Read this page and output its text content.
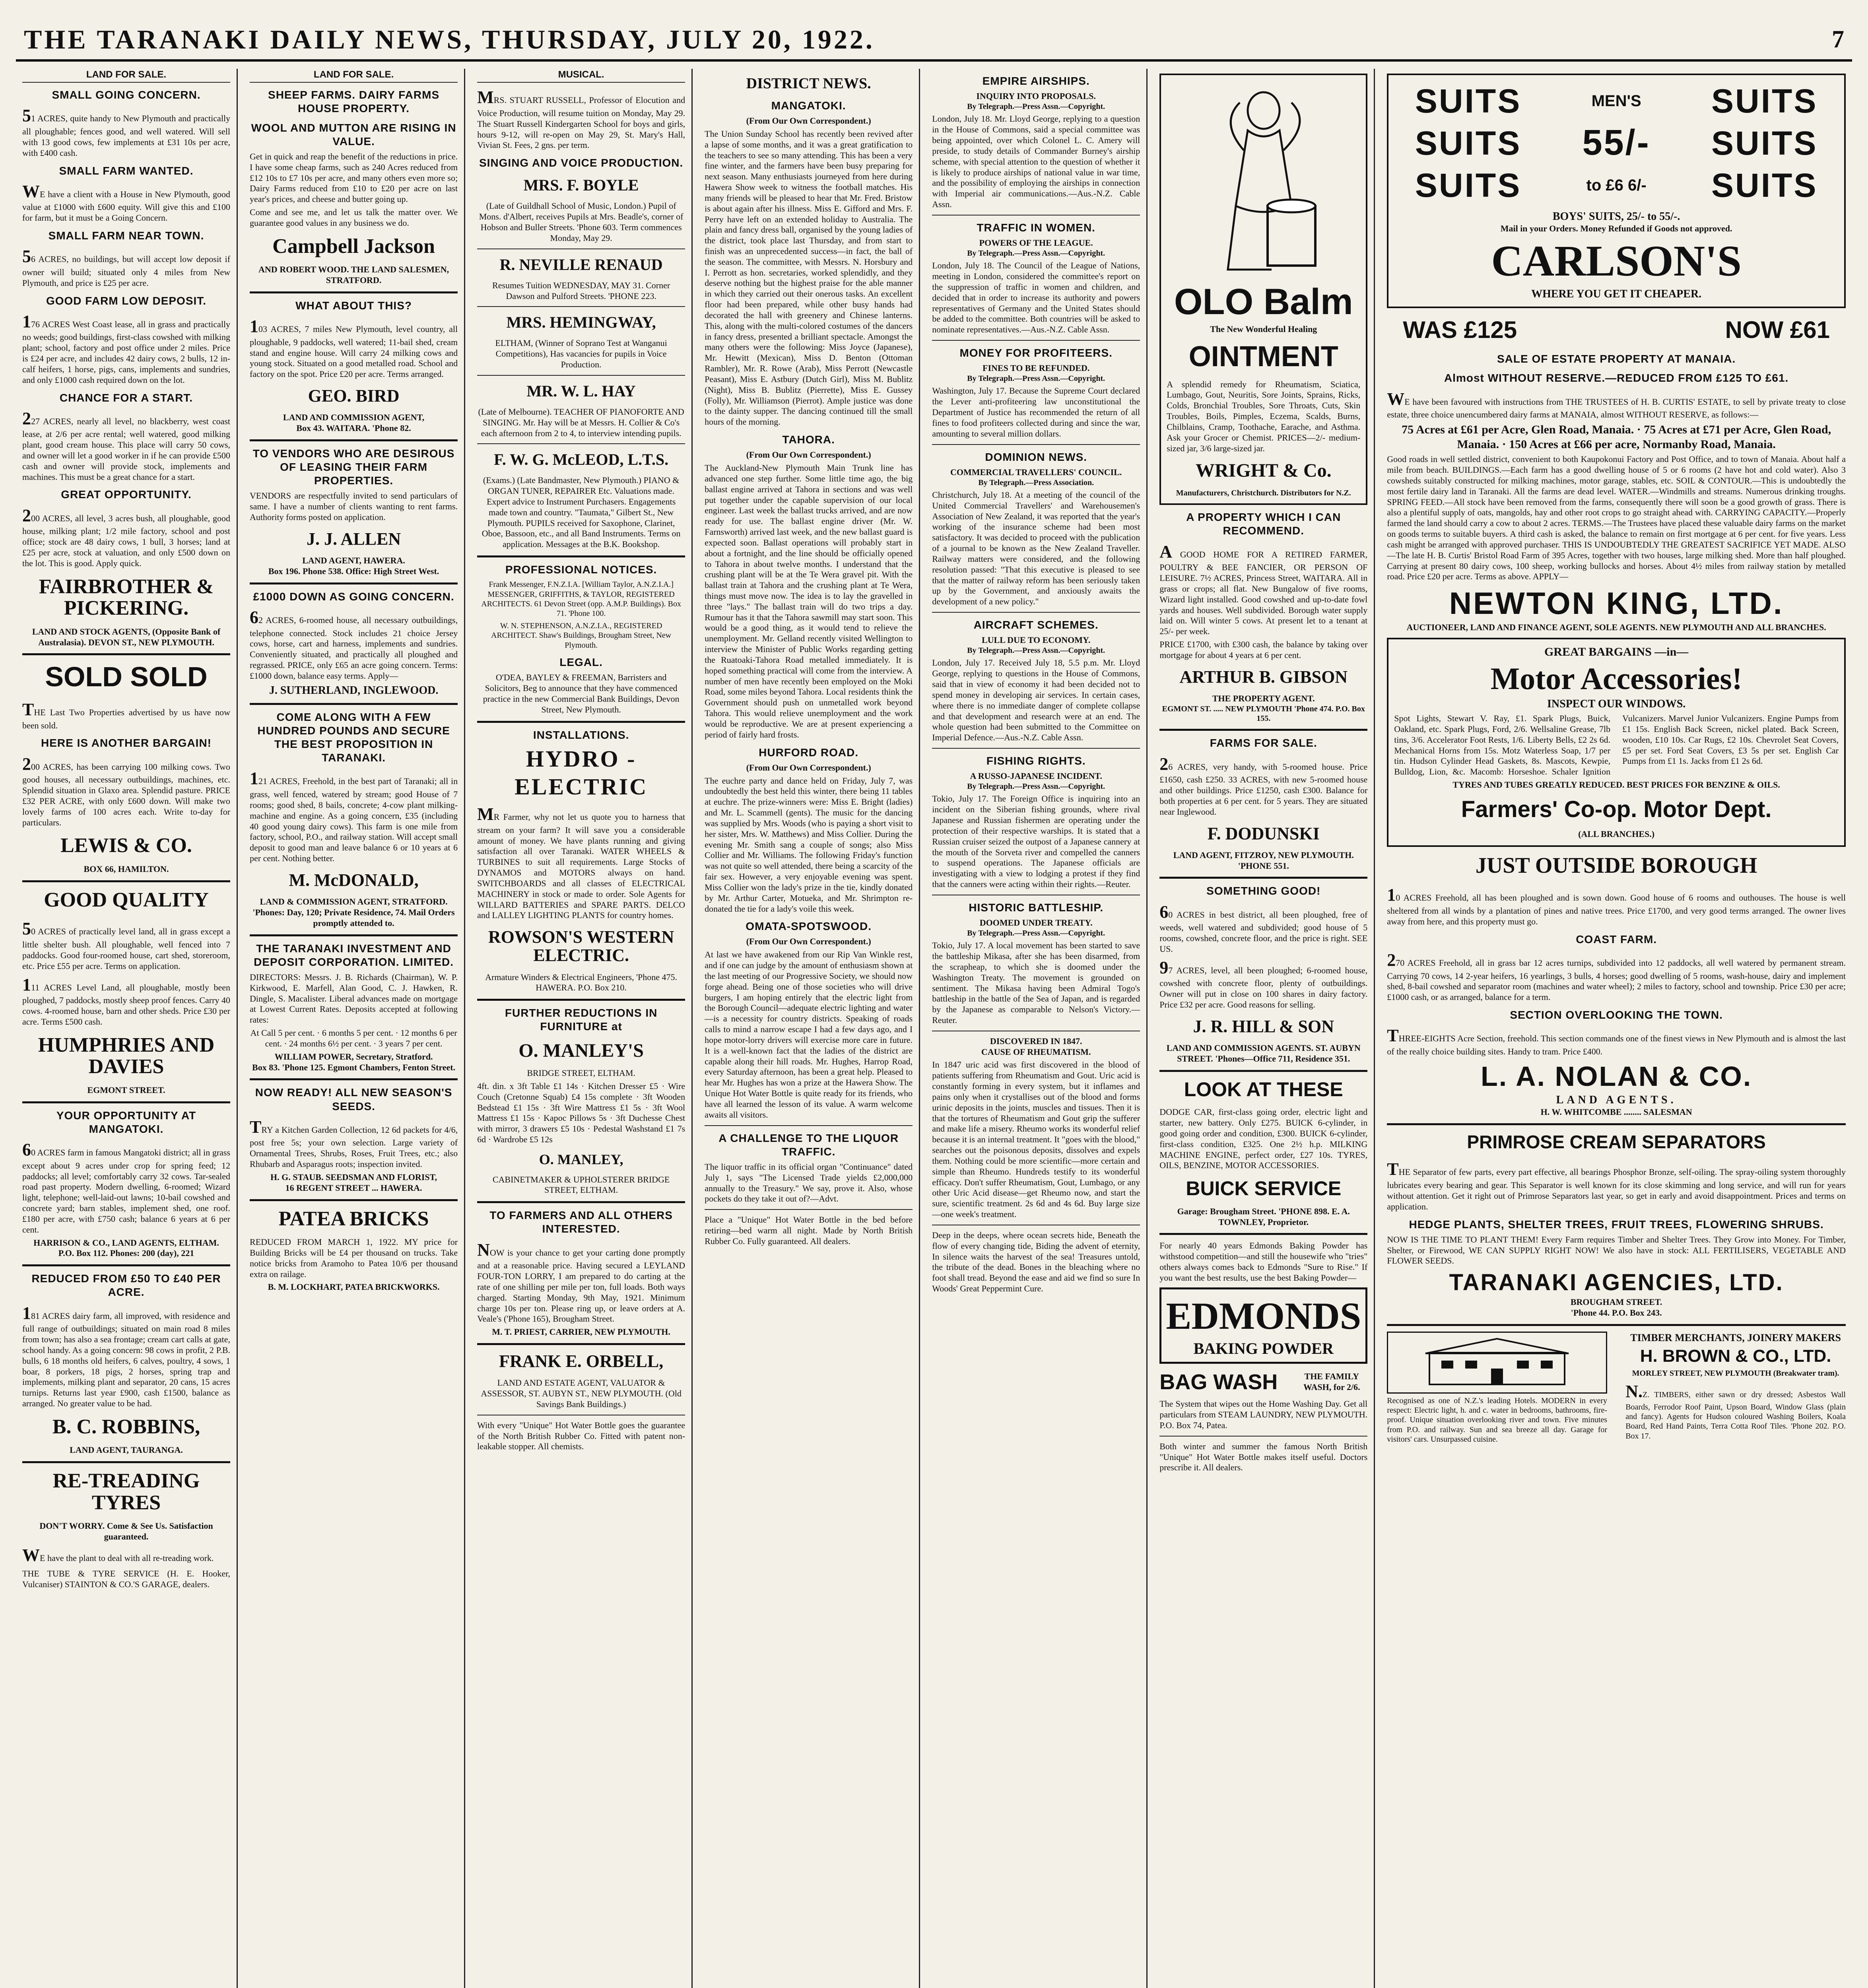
THE TARANAKI DAILY NEWS, THURSDAY, JULY 20, 1922.	7
LAND FOR SALE.
SMALL GOING CONCERN.

51 ACRES, quite handy to New Plymouth and practically all ploughable; fences good, and well watered. Will sell with 13 good cows, few implements at £31 10s per acre, with £400 cash.

SMALL FARM WANTED.

WE have a client with a House in New Plymouth, good value at £1000 with £600 equity. Will give this and £100 for farm, but it must be a Going Concern.

SMALL FARM NEAR TOWN.

56 ACRES, no buildings, but will accept low deposit if owner will build; situated only 4 miles from New Plymouth, and price is £25 per acre.

GOOD FARM LOW DEPOSIT.

176 ACRES West Coast lease, all in grass and practically no weeds; good buildings, first-class cowshed with milking plant; school, factory and post office under 2 miles. Price is £24 per acre, and includes 42 dairy cows, 2 bulls, 12 in-calf heifers, 1 horse, pigs, cans, implements and sundries, and only £1000 cash required down on the lot.

CHANCE FOR A START.

227 ACRES, nearly all level, no blackberry, west coast lease, at 2/6 per acre rental; well watered, good milking plant, good cream house. This place will carry 50 cows, and owner will let a good worker in if he can provide £500 cash and owner will provide stock, implements and machines. This must be a great chance for a start.

GREAT OPPORTUNITY.

200 ACRES, all level, 3 acres bush, all ploughable, good house, milking plant; 1/2 mile factory, school and post office; stock are 48 dairy cows, 1 bull, 3 horses; land at £25 per acre, stock at valuation, and only £500 down on the lot. This is good. Apply quick.

FAIRBROTHER & PICKERING.
LAND AND STOCK AGENTS, (Opposite Bank of Australasia). DEVON ST., NEW PLYMOUTH.
SOLD SOLD

THE Last Two Properties advertised by us have now been sold.

HERE IS ANOTHER BARGAIN!

200 ACRES, has been carrying 100 milking cows. Two good houses, all necessary outbuildings, machines, etc. Splendid situation in Glaxo area. Splendid pasture. PRICE £32 PER ACRE, with only £600 down. Will make two lovely farms of 100 acres each. Write to-day for particulars.

LEWIS & CO.
BOX 66, HAMILTON.
GOOD QUALITY

50 ACRES of practically level land, all in grass except a little shelter bush. All ploughable, well fenced into 7 paddocks. Good four-roomed house, cart shed, storeroom, etc. Price £55 per acre. Terms on application.

111 ACRES Level Land, all ploughable, mostly been ploughed, 7 paddocks, mostly sheep proof fences. Carry 40 cows. 4-roomed house, barn and other sheds. Price £30 per acre. Terms £500 cash.

HUMPHRIES AND DAVIES
EGMONT STREET.
YOUR OPPORTUNITY AT MANGATOKI.

60 ACRES farm in famous Mangatoki district; all in grass except about 9 acres under crop for spring feed; 12 paddocks; all level; comfortably carry 32 cows. Tar-sealed road past property. Modern dwelling, 6-roomed; Wizard light, telephone; well-laid-out lawns; 10-bail cowshed and concrete yard; barn stables, implement shed, one roof. £180 per acre, with £750 cash; balance 6 years at 6 per cent.

HARRISON & CO., LAND AGENTS, ELTHAM.
P.O. Box 112. Phones: 200 (day), 221
REDUCED FROM £50 TO £40 PER ACRE.

181 ACRES dairy farm, all improved, with residence and full range of outbuildings; situated on main road 8 miles from town; has also a sea frontage; cream cart calls at gate, school handy. As a going concern: 98 cows in profit, 2 P.B. bulls, 6 18 months old heifers, 6 calves, poultry, 4 sows, 1 boar, 8 porkers, 18 pigs, 2 horses, spring trap and implements, milking plant and separator, 20 cans, 15 acres turnips. Returns last year £900, cash £1500, balance as arranged. No greater value to be had.

B. C. ROBBINS,
LAND AGENT, TAURANGA.
RE-TREADING TYRES
DON'T WORRY. Come & See Us. Satisfaction guaranteed.

WE have the plant to deal with all re-treading work.

THE TUBE & TYRE SERVICE (H. E. Hooker, Vulcaniser) STAINTON & CO.'S GARAGE, dealers.

LAND FOR SALE.
SHEEP FARMS. DAIRY FARMS HOUSE PROPERTY.
WOOL AND MUTTON ARE RISING IN VALUE.

Get in quick and reap the benefit of the reductions in price. I have some cheap farms, such as 240 Acres reduced from £12 10s to £7 10s per acre, and many others even more so; Dairy Farms reduced from £10 to £20 per acre on last year's prices, and cheese and butter going up.

Come and see me, and let us talk the matter over. We guarantee good values in any business we do.

Campbell Jackson
AND ROBERT WOOD. THE LAND SALESMEN, STRATFORD.
WHAT ABOUT THIS?

103 ACRES, 7 miles New Plymouth, level country, all ploughable, 9 paddocks, well watered; 11-bail shed, cream stand and engine house. Will carry 24 milking cows and young stock. Situated on a good metalled road. School and factory on the spot. Price £20 per acre. Terms arranged.

GEO. BIRD
LAND AND COMMISSION AGENT,
Box 43. WAITARA. 'Phone 82.
TO VENDORS WHO ARE DESIROUS OF LEASING THEIR FARM PROPERTIES.

VENDORS are respectfully invited to send particulars of same. I have a number of clients wanting to rent farms. Authority forms posted on application.

J. J. ALLEN
LAND AGENT, HAWERA.
Box 196. Phone 538. Office: High Street West.
£1000 DOWN AS GOING CONCERN.

62 ACRES, 6-roomed house, all necessary outbuildings, telephone connected. Stock includes 21 choice Jersey cows, horse, cart and harness, implements and sundries. Conveniently situated, and practically all ploughed and regrassed. PRICE, only £65 an acre going concern. Terms: £1000 down, balance easy terms. Apply—

J. SUTHERLAND, INGLEWOOD.
COME ALONG WITH A FEW HUNDRED POUNDS AND SECURE THE BEST PROPOSITION IN TARANAKI.

121 ACRES, Freehold, in the best part of Taranaki; all in grass, well fenced, watered by stream; good House of 7 rooms; good shed, 8 bails, concrete; 4-cow plant milking-machine and engine. As a going concern, £35 (including 40 good young dairy cows). This farm is one mile from factory, school, P.O., and railway station. Will accept small deposit to good man and leave balance 6 or 10 years at 6 per cent. Nothing better.

M. McDONALD,
LAND & COMMISSION AGENT, STRATFORD. 'Phones: Day, 120; Private Residence, 74. Mail Orders promptly attended to.
THE TARANAKI INVESTMENT AND DEPOSIT CORPORATION. LIMITED.

DIRECTORS: Messrs. J. B. Richards (Chairman), W. P. Kirkwood, E. Marfell, Alan Good, C. J. Hawken, R. Dingle, S. Macalister. Liberal advances made on mortgage at Lowest Current Rates. Deposits accepted at following rates:

At Call 5 per cent. · 6 months 5 per cent. · 12 months 6 per cent. · 24 months 6½ per cent. · 3 years 7 per cent.

WILLIAM POWER, Secretary, Stratford.
Box 83. 'Phone 125. Egmont Chambers, Fenton Street.
NOW READY! ALL NEW SEASON'S SEEDS.

TRY a Kitchen Garden Collection, 12 6d packets for 4/6, post free 5s; your own selection. Large variety of Ornamental Trees, Shrubs, Roses, Fruit Trees, etc.; also Rhubarb and Asparagus roots; inspection invited.

H. G. STAUB. SEEDSMAN AND FLORIST,
16 REGENT STREET ... HAWERA.
PATEA BRICKS

REDUCED FROM MARCH 1, 1922. MY price for Building Bricks will be £4 per thousand on trucks. Take notice bricks from Aramoho to Patea 10/6 per thousand extra on railage.

B. M. LOCKHART, PATEA BRICKWORKS.
MUSICAL.

MRS. STUART RUSSELL, Professor of Elocution and Voice Production, will resume tuition on Monday, May 29. The Stuart Russell Kindergarten School for boys and girls, hours 9-12, will re-open on May 29, St. Mary's Hall, Vivian St. Fees, 2 gns. per term.

SINGING AND VOICE PRODUCTION.
MRS. F. BOYLE

(Late of Guildhall School of Music, London.) Pupil of Mons. d'Albert, receives Pupils at Mrs. Beadle's, corner of Hobson and Buller Streets. 'Phone 603. Term commences Monday, May 29.

R. NEVILLE RENAUD

Resumes Tuition WEDNESDAY, MAY 31. Corner Dawson and Pulford Streets. 'PHONE 223.

MRS. HEMINGWAY,

ELTHAM, (Winner of Soprano Test at Wanganui Competitions), Has vacancies for pupils in Voice Production.

MR. W. L. HAY

(Late of Melbourne). TEACHER OF PIANOFORTE AND SINGING. Mr. Hay will be at Messrs. H. Collier & Co's each afternoon from 2 to 4, to interview intending pupils.

F. W. G. McLEOD, L.T.S.

(Exams.) (Late Bandmaster, New Plymouth.) PIANO & ORGAN TUNER, REPAIRER Etc. Valuations made. Expert advice to Instrument Purchasers. Engagements made town and country. "Taumata," Gilbert St., New Plymouth. PUPILS received for Saxophone, Clarinet, Oboe, Bassoon, etc., and all Band Instruments. Terms on application. Messages at the B.K. Bookshop.

PROFESSIONAL NOTICES.

Frank Messenger, F.N.Z.I.A. [William Taylor, A.N.Z.I.A.] MESSENGER, GRIFFITHS, & TAYLOR, REGISTERED ARCHITECTS. 61 Devon Street (opp. A.M.P. Buildings). Box 71. 'Phone 100.

W. N. STEPHENSON, A.N.Z.I.A., REGISTERED ARCHITECT. Shaw's Buildings, Brougham Street, New Plymouth.

LEGAL.

O'DEA, BAYLEY & FREEMAN, Barristers and Solicitors, Beg to announce that they have commenced practice in the new Commercial Bank Buildings, Devon Street, New Plymouth.

INSTALLATIONS.
HYDRO - ELECTRIC

MR Farmer, why not let us quote you to harness that stream on your farm? It will save you a considerable amount of money. We have plants running and giving satisfaction all over Taranaki. WATER WHEELS & TURBINES to suit all requirements. Large Stocks of DYNAMOS and MOTORS always on hand. SWITCHBOARDS and all classes of ELECTRICAL MACHINERY in stock or made to order. Sole Agents for WILLARD BATTERIES and SPARE PARTS. DELCO and LALLEY LIGHTING PLANTS for country homes.

ROWSON'S WESTERN ELECTRIC.

Armature Winders & Electrical Engineers, 'Phone 475. HAWERA. P.O. Box 210.

FURTHER REDUCTIONS IN FURNITURE at
O. MANLEY'S

BRIDGE STREET, ELTHAM.

4ft. din. x 3ft Table £1 14s · Kitchen Dresser £5 · Wire Couch (Cretonne Squab) £4 15s complete · 3ft Wooden Bedstead £1 15s · 3ft Wire Mattress £1 5s · 3ft Wool Mattress £1 15s · Kapoc Pillows 5s · 3ft Duchesse Chest with mirror, 3 drawers £5 10s · Pedestal Washstand £1 7s 6d · Wardrobe £5 12s

O. MANLEY,

CABINETMAKER & UPHOLSTERER BRIDGE STREET, ELTHAM.

TO FARMERS AND ALL OTHERS INTERESTED.

NOW is your chance to get your carting done promptly and at a reasonable price. Having secured a LEYLAND FOUR-TON LORRY, I am prepared to do carting at the rate of one shilling per mile per ton, full loads. Both ways charged. Starting Monday, 9th May, 1921. Minimum charge 10s per ton. Please ring up, or leave orders at A. Veale's ('Phone 165), Brougham Street.

M. T. PRIEST, CARRIER, NEW PLYMOUTH.
FRANK E. ORBELL,

LAND AND ESTATE AGENT, VALUATOR & ASSESSOR, ST. AUBYN ST., NEW PLYMOUTH. (Old Savings Bank Buildings.)

With every "Unique" Hot Water Bottle goes the guarantee of the North British Rubber Co. Fitted with patent non-leakable stopper. All chemists.

DISTRICT NEWS.
MANGATOKI.
(From Our Own Correspondent.)

The Union Sunday School has recently been revived after a lapse of some months, and it was a great gratification to the teachers to see so many attending. This has been a very fine winter, and the farmers have been busy preparing for next season. Many enthusiasts journeyed from here during Hawera Show week to witness the football matches. His many friends will be pleased to hear that Mr. Fred. Bristow is about again after his illness. Miss E. Gifford and Mrs. F. Perry have left on an extended holiday to Australia. The plain and fancy dress ball, organised by the young ladies of the district, took place last Thursday, and from start to finish was an unprecedented success—in fact, the ball of the season. The committee, with Messrs. N. Horsbury and I. Perrott as hon. secretaries, worked splendidly, and they deserve nothing but the highest praise for the able manner in which they carried out their onerous tasks. An excellent floor had been prepared, while other busy hands had decorated the hall with greenery and Chinese lanterns. This, along with the multi-colored costumes of the dancers in fancy dress, presented a brilliant spectacle. Amongst the many others were the following: Miss Joyce (Japanese), Mr. Hewitt (Mexican), Miss D. Benton (Ottoman Rambler), Mr. R. Rowe (Arab), Miss Perrott (Newcastle Peasant), Miss E. Astbury (Dutch Girl), Miss M. Bublitz (Night), Miss B. Bublitz (Pierrette), Miss E. Gussey (Folly), Mr. Williamson (Pierrot). Ample justice was done to the dainty supper. The dancing continued till the small hours of the morning.

TAHORA.
(From Our Own Correspondent.)

The Auckland-New Plymouth Main Trunk line has advanced one step further. Some little time ago, the big ballast engine arrived at Tahora in sections and was well put together under the capable supervision of our local engineer. Last week the ballast trucks arrived, and are now ready for use. The ballast engine driver (Mr. W. Farnsworth) arrived last week, and the new ballast guard is expected soon. Ballast operations will probably start in about a fortnight, and the line should be officially opened to Tahora in about twelve months. I understand that the crushing plant will be at the Te Wera gravel pit. With the ballast train at Tahora and the crushing plant at Te Wera, things must move now. The idea is to lay the gravelled in three "lays." The ballast train will do two trips a day. Rumour has it that the Tahora sawmill may start soon. This would be a good thing, as it would tend to relieve the unemployment. Mr. Gelland recently visited Wellington to interview the Minister of Public Works regarding getting the Ruatoaki-Tahora Road metalled immediately. It is hoped something practical will come from the interview. A number of men have recently been employed on the Moki Road, some miles beyond Tahora. Local residents think the Government should push on unmetalled work beyond Tahora. This would relieve unemployment and the work would be reproductive. We are at present experiencing a period of fairly hard frosts.

HURFORD ROAD.
(From Our Own Correspondent.)

The euchre party and dance held on Friday, July 7, was undoubtedly the best held this winter, there being 11 tables at euchre. The prize-winners were: Miss E. Bright (ladies) and Mr. L. Scammell (gents). The music for the dancing was supplied by Mrs. Woods (who is paying a short visit to her sister, Mrs. W. Matthews) and Miss Collier. During the evening Mr. Smith sang a couple of songs; also Miss Collier and Mr. Williams. The following Friday's function was not quite so well attended, there being a scarcity of the fair sex. However, a very enjoyable evening was spent. Miss Collier won the lady's prize in the tie, kindly donated by Mr. Arthur Carter, Motueka, and Mr. Shrimpton re-donated the tie for a lady's voile this week.

OMATA-SPOTSWOOD.
(From Our Own Correspondent.)

At last we have awakened from our Rip Van Winkle rest, and if one can judge by the amount of enthusiasm shown at the last meeting of our Progressive Society, we should now forge ahead. Being one of those societies who will drive burgers, I am hoping entirely that the electric light from the Borough Council—adequate electric lighting and water—is a necessity for country districts. Speaking of roads calls to mind a narrow escape I had a few days ago, and I hope motor-lorry drivers will exercise more care in future. It is a well-known fact that the ladies of the district are capable along their hill roads. Mr. Hughes, Harrop Road, every Saturday afternoon, has been a great help. Pleased to hear Mr. Hughes has won a prize at the Hawera Show. The Unique Hot Water Bottle is quite ready for its friends, who have all learned the lesson of its value. A warm welcome awaits all visitors.

A CHALLENGE TO THE LIQUOR TRAFFIC.

The liquor traffic in its official organ "Continuance" dated July 1, says "The Licensed Trade yields £2,000,000 annually to the Treasury." We say, prove it. Also, whose pockets do they take it out of?—Advt.

Place a "Unique" Hot Water Bottle in the bed before retiring—bed warm all night. Made by North British Rubber Co. Fully guaranteed. All dealers.

EMPIRE AIRSHIPS.
INQUIRY INTO PROPOSALS.
By Telegraph.—Press Assn.—Copyright.

London, July 18. Mr. Lloyd George, replying to a question in the House of Commons, said a special committee was being appointed, over which Colonel L. C. Amery will preside, to study details of Commander Burney's airship scheme, with special attention to the question of whether it is likely to produce airships of national value in war time, and the possibility of employing the airships in connection with Imperial air communications.—Aus.-N.Z. Cable Assn.

TRAFFIC IN WOMEN.
POWERS OF THE LEAGUE.
By Telegraph.—Press Assn.—Copyright.

London, July 18. The Council of the League of Nations, meeting in London, considered the committee's report on the suppression of traffic in women and children, and decided that in order to increase its authority and powers representatives of Germany and the United States should be added to the committee. Both countries will be asked to nominate representatives.—Aus.-N.Z. Cable Assn.

MONEY FOR PROFITEERS.
FINES TO BE REFUNDED.
By Telegraph.—Press Assn.—Copyright.

Washington, July 17. Because the Supreme Court declared the Lever anti-profiteering law unconstitutional the Department of Justice has recommended the return of all fines to food profiteers collected during and since the war, amounting to several million dollars.

DOMINION NEWS.
COMMERCIAL TRAVELLERS' COUNCIL.
By Telegraph.—Press Association.

Christchurch, July 18. At a meeting of the council of the United Commercial Travellers' and Warehousemen's Association of New Zealand, it was reported that the year's working of the insurance scheme had been most satisfactory. It was decided to proceed with the publication of a journal to be known as the New Zealand Traveller. Railway matters were considered, and the following resolution passed: "That this executive is pleased to see that the matter of railway reform has been seriously taken up by the Government, and anxiously awaits the development of a new policy."

AIRCRAFT SCHEMES.
LULL DUE TO ECONOMY.
By Telegraph.—Press Assn.—Copyright.

London, July 17. Received July 18, 5.5 p.m. Mr. Lloyd George, replying to questions in the House of Commons, said that in view of economy it had been decided not to spend money in developing air services. In certain cases, where there is no immediate danger of complete collapse and that development and research were at an end. The whole question had been submitted to the Committee on Imperial Defence.—Aus.-N.Z. Cable Assn.

FISHING RIGHTS.
A RUSSO-JAPANESE INCIDENT.
By Telegraph.—Press Assn.—Copyright.

Tokio, July 17. The Foreign Office is inquiring into an incident on the Siberian fishing grounds, where rival Japanese and Russian fishermen are operating under the protection of their respective warships. It is stated that a Russian cruiser seized the outpost of a Japanese cannery at the mouth of the Sorveta river and compelled the canners to suspend operations. The Japanese officials are investigating with a view to lodging a protest if they find that the canners were acting within their rights.—Reuter.

HISTORIC BATTLESHIP.
DOOMED UNDER TREATY.
By Telegraph.—Press Assn.—Copyright.

Tokio, July 17. A local movement has been started to save the battleship Mikasa, after she has been disarmed, from the scrapheap, to which she is doomed under the Washington Treaty. The movement is grounded on sentiment. The Mikasa having been Admiral Togo's battleship in the battle of the Sea of Japan, and is regarded by the Japanese as comparable to Nelson's Victory.—Reuter.

DISCOVERED IN 1847.
CAUSE OF RHEUMATISM.

In 1847 uric acid was first discovered in the blood of patients suffering from Rheumatism and Gout. Uric acid is constantly forming in every system, but it inflames and pains only when it crystallises out of the blood and forms urinic deposits in the joints, muscles and tissues. Then it is that the tortures of Rheumatism and Gout grip the sufferer and make life a misery. Rheumo works its wonderful relief because it is an internal treatment. It "goes with the blood," searches out the poisonous deposits, dissolves and expels them. Nothing could be more scientific—more certain and simple than Rheumo. Hundreds testify to its wonderful efficacy. Don't suffer Rheumatism, Gout, Lumbago, or any other Uric Acid disease—get Rheumo now, and start the sure, scientific treatment. 2s 6d and 4s 6d. Buy large size—one week's treatment.

Deep in the deeps, where ocean secrets hide, Beneath the flow of every changing tide, Biding the advent of eternity, In silence waits the harvest of the sea! Treasures untold, the tribute of the dead. Bones in the bleaching where no foot shall tread. Beyond the ease and aid we find so sure In Woods' Great Peppermint Cure.

OLO Balm
The New Wonderful Healing
OINTMENT

A splendid remedy for Rheumatism, Sciatica, Lumbago, Gout, Neuritis, Sore Joints, Sprains, Ricks, Colds, Bronchial Troubles, Sore Throats, Cuts, Skin Troubles, Boils, Pimples, Eczema, Scalds, Burns, Chilblains, Cramp, Toothache, Earache, and Asthma. Ask your Grocer or Chemist. PRICES—2/- medium-sized jar, 3/6 large-sized jar.

WRIGHT & Co.
Manufacturers, Christchurch. Distributors for N.Z.
A PROPERTY WHICH I CAN RECOMMEND.

A GOOD HOME FOR A RETIRED FARMER, POULTRY & BEE FANCIER, OR PERSON OF LEISURE. 7½ ACRES, Princess Street, WAITARA. All in grass or crops; all flat. New Bungalow of five rooms, Wizard light installed. Good cowshed and up-to-date fowl yards and houses. Well subdivided. Borough water supply laid on. Will winter 5 cows. At present let to a tenant at 25/- per week.

PRICE £1700, with £300 cash, the balance by taking over mortgage for about 4 years at 6 per cent.

ARTHUR B. GIBSON
THE PROPERTY AGENT.
EGMONT ST. ..... NEW PLYMOUTH 'Phone 474. P.O. Box 155.
FARMS FOR SALE.

26 ACRES, very handy, with 5-roomed house. Price £1650, cash £250. 33 ACRES, with new 5-roomed house and other buildings. Price £1250, cash £300. Balance for both properties at 6 per cent. for 5 years. They are situated near Inglewood.

F. DODUNSKI
LAND AGENT, FITZROY, NEW PLYMOUTH. 'PHONE 551.
SOMETHING GOOD!

60 ACRES in best district, all been ploughed, free of weeds, well watered and subdivided; good house of 5 rooms, cowshed, concrete floor, and the price is right. SEE US.

97 ACRES, level, all been ploughed; 6-roomed house, cowshed with concrete floor, plenty of outbuildings. Owner will put in close on 100 shares in dairy factory. Price £32 per acre. Good reasons for selling.

J. R. HILL & SON
LAND AND COMMISSION AGENTS. ST. AUBYN STREET. 'Phones—Office 711, Residence 351.
LOOK AT THESE

DODGE CAR, first-class going order, electric light and starter, new battery. Only £275. BUICK 6-cylinder, in good going order and condition, £300. BUICK 6-cylinder, first-class condition, £325. One 2½ h.p. MILKING MACHINE ENGINE, perfect order, £27 10s. TYRES, OILS, BENZINE, MOTOR ACCESSORIES.

BUICK SERVICE
Garage: Brougham Street. 'PHONE 898. E. A. TOWNLEY, Proprietor.

For nearly 40 years Edmonds Baking Powder has withstood competition—and still the housewife who "tries" others always comes back to Edmonds "Sure to Rise." If you want the best results, use the best Baking Powder—

EDMONDS
BAKING POWDER
BAG WASH	THE FAMILY WASH, for 2/6.

The System that wipes out the Home Washing Day. Get all particulars from STEAM LAUNDRY, NEW PLYMOUTH. P.O. Box 74, Patea.

Both winter and summer the famous North British "Unique" Hot Water Bottle makes itself useful. Doctors prescribe it. All dealers.

SUITS	MEN'S	SUITS
SUITS	55/-	SUITS
SUITS	to £6 6/-	SUITS
BOYS' SUITS, 25/- to 55/-.
Mail in your Orders. Money Refunded if Goods not approved.
CARLSON'S
WHERE YOU GET IT CHEAPER.
WAS £125	NOW £61
SALE OF ESTATE PROPERTY AT MANAIA.
Almost WITHOUT RESERVE.—REDUCED FROM £125 TO £61.

WE have been favoured with instructions from THE TRUSTEES of H. B. CURTIS' ESTATE, to sell by private treaty to close estate, three choice unencumbered dairy farms at MANAIA, almost WITHOUT RESERVE, as follows:—

75 Acres at £61 per Acre, Glen Road, Manaia. · 75 Acres at £71 per Acre, Glen Road, Manaia. · 150 Acres at £66 per acre, Normanby Road, Manaia.

Good roads in well settled district, convenient to both Kaupokonui Factory and Post Office, and to town of Manaia. About half a mile from beach. BUILDINGS.—Each farm has a good dwelling house of 5 or 6 rooms (2 have hot and cold water). Also 3 cowsheds suitably constructed for milking machines, motor garage, stables, etc. SOIL & CONTOUR.—This is undoubtedly the most fertile dairy land in Taranaki. All the farms are dead level. WATER.—Windmills and streams. Numerous drinking troughs. SPRING FEED.—All stock have been removed from the farms, consequently there will soon be a good growth of grass. There is also a plentiful supply of oats, mangolds, hay and other root crops to go straight ahead with. CARRYING CAPACITY.—Properly farmed the land should carry a cow to about 2 acres. TERMS.—The Trustees have placed these valuable dairy farms on the market on goods terms to suitable buyers. A third cash is asked, the balance to remain on first mortgage at 6 per cent. for five years. Less cash might be arranged with approved purchaser. THIS IS UNDOUBTEDLY THE GREATEST SACRIFICE YET MADE. ALSO—The late H. B. Curtis' Bristol Road Farm of 395 Acres, together with two houses, large milking shed. More than half ploughed. Carrying at present 80 dairy cows, 100 sheep, working bullocks and horses. About 4½ miles from railway station by metalled road. Price £20 per acre. Terms as above. APPLY—

NEWTON KING, LTD.
AUCTIONEER, LAND AND FINANCE AGENT, SOLE AGENTS. NEW PLYMOUTH AND ALL BRANCHES.
GREAT BARGAINS —in—
Motor Accessories!
INSPECT OUR WINDOWS.

Spot Lights, Stewart V. Ray, £1. Spark Plugs, Buick, Oakland, etc. Spark Plugs, Ford, 2/6. Wellsaline Grease, 7lb tins, 3/6. Accelerator Foot Rests, 1/6. Liberty Bells, £2 2s 6d. Mechanical Horns from 15s. Motz Waterless Soap, 1/7 per tin. Hudson Cylinder Head Gaskets, 8s. Mascots, Kewpie, Bulldog, Lion, &c. Macomb: Horseshoe. Schaler Ignition Vulcanizers. Marvel Junior Vulcanizers. Engine Pumps from £1 15s. English Back Screen, nickel plated. Back Screen, wooden, £10 10s. Car Rugs, £2 10s. Chevrolet Seat Covers, £5 per set. Ford Seat Covers, £3 5s per set. English Car Pumps from £1 1s. Jacks from £1 2s 6d.

TYRES AND TUBES GREATLY REDUCED. BEST PRICES FOR BENZINE & OILS.
Farmers' Co-op. Motor Dept.
(ALL BRANCHES.)
JUST OUTSIDE BOROUGH

10 ACRES Freehold, all has been ploughed and is sown down. Good house of 6 rooms and outhouses. The house is well sheltered from all winds by a plantation of pines and native trees. Price £1700, and very good terms arranged. The owner lives away from here, and this property must go.

COAST FARM.

270 ACRES Freehold, all in grass bar 12 acres turnips, subdivided into 12 paddocks, all well watered by permanent stream. Carrying 70 cows, 14 2-year heifers, 16 yearlings, 3 bulls, 4 horses; good dwelling of 5 rooms, wash-house, dairy and implement shed, 8-bail cowshed and separator room (machines and water wheel); 2 miles to factory, school and township. Price £30 per acre; £1000 cash, or as arranged, balance for a term.

SECTION OVERLOOKING THE TOWN.

THREE-EIGHTS Acre Section, freehold. This section commands one of the finest views in New Plymouth and is almost the last of the really choice building sites. Handy to tram. Price £400.

L. A. NOLAN & CO.
LAND AGENTS.
H. W. WHITCOMBE ........ SALESMAN
PRIMROSE CREAM SEPARATORS

THE Separator of few parts, every part effective, all bearings Phosphor Bronze, self-oiling. The spray-oiling system thoroughly lubricates every bearing and gear. This Separator is well known for its close skimming and long service, and will run for years without attention. Get it right out of Primrose Separators last year, so get in early and avoid disappointment. Prices and terms on application.

HEDGE PLANTS, SHELTER TREES, FRUIT TREES, FLOWERING SHRUBS.

NOW IS THE TIME TO PLANT THEM! Every Farm requires Timber and Shelter Trees. They Grow into Money. For Timber, Shelter, or Firewood, WE CAN SUPPLY RIGHT NOW! We also have in stock: ALL FERTILISERS, VEGETABLE AND FLOWER SEEDS.

TARANAKI AGENCIES, LTD.
BROUGHAM STREET.
'Phone 44. P.O. Box 243.

Recognised as one of N.Z.'s leading Hotels. MODERN in every respect: Electric light, h. and c. water in bedrooms, bathrooms, fire-proof. Unique situation overlooking river and town. Five minutes from P.O. and railway. Sun and sea breeze all day. Garage for visitors' cars. Unsurpassed cuisine.

TIMBER MERCHANTS, JOINERY MAKERS
H. BROWN & CO., LTD.
MORLEY STREET, NEW PLYMOUTH (Breakwater tram).

N.Z. TIMBERS, either sawn or dry dressed; Asbestos Wall Boards, Ferrodor Roof Paint, Upson Board, Window Glass (plain and fancy). Agents for Hudson coloured Washing Boilers, Koala Board, Red Hand Paints, Terra Cotta Roof Tiles. 'Phone 202. P.O. Box 17.
